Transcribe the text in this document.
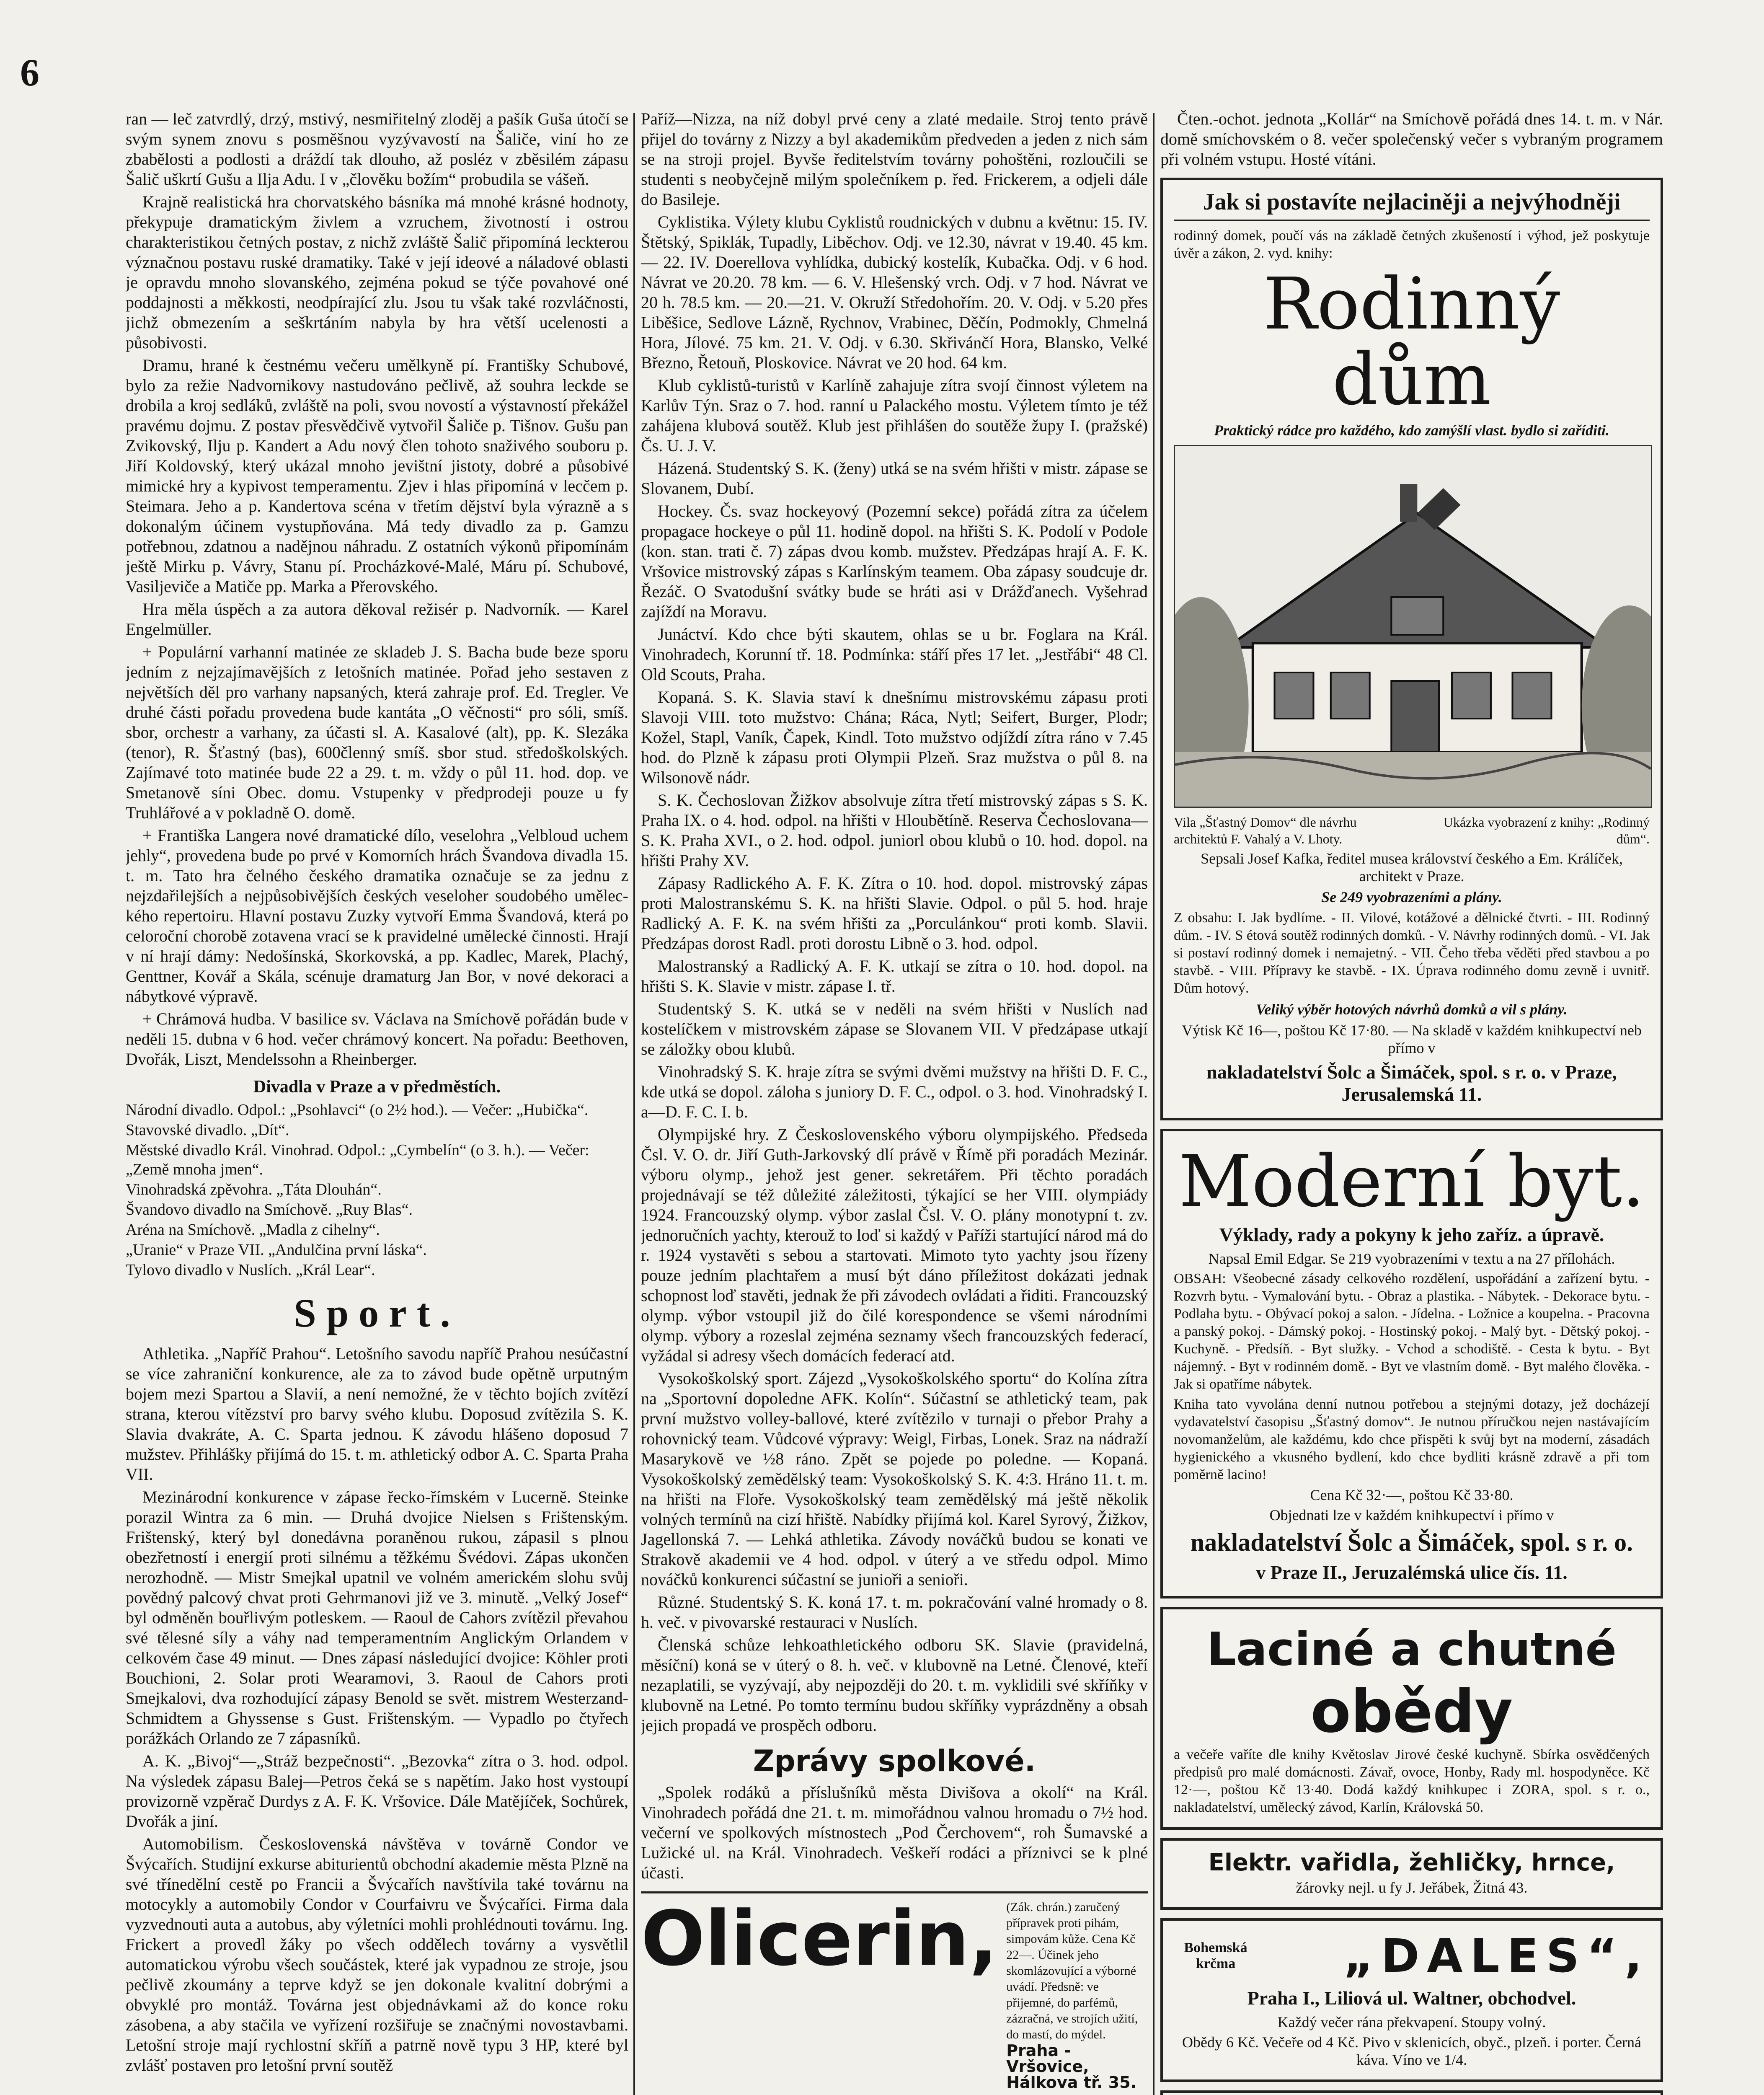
6

ran — leč zatvrdlý, drzý, mstivý, nesmiřitelný zloděj a pašík Guša útočí se svým synem znovu s posměšnou vyzývavostí na Šaliče, viní ho ze zbabělosti a podlosti a dráždí tak dlouho, až posléz v zběsilém zápasu Šalič uškrtí Gušu a Ilja Adu. I v „člověku božím“ probudila se vášeň.

Krajně realistická hra chorvatského básníka má mnohé krásné hodnoty, překypuje dramatickým živlem a vzruchem, životností i ostrou charakteristikou četných postav, z nichž zvláště Šalič připomíná leckterou význačnou postavu ruské dramatiky. Také v její ideové a náladové oblasti je opravdu mnoho slovanského, zejména pokud se týče povahové oné poddajnosti a měkkosti, neodpírající zlu. Jsou tu však také rozvláčnosti, jichž obmezením a seškrtáním nabyla by hra větší ucelenosti a působivosti.

Dramu, hrané k čestnému večeru umělkyně pí. Františky Schubové, bylo za režie Nadvornikovy nastudováno pečlivě, až souhra leckde se drobila a kroj sedláků, zvláště na poli, svou novostí a výstavností překážel pravému dojmu. Z postav přesvědčivě vytvořil Šaliče p. Tišnov. Gušu pan Zvikovský, Ilju p. Kandert a Adu nový člen tohoto snaživého souboru p. Jiří Koldovský, který ukázal mnoho jevištní jistoty, dobré a působivé mimické hry a kypivost temperamentu. Zjev i hlas připomíná v lecčem p. Steimara. Jeho a p. Kandertova scéna v třetím dějství byla výrazně a s dokonalým účinem vystupňována. Má tedy divadlo za p. Gamzu potřebnou, zdatnou a nadějnou náhradu. Z ostatních výkonů připomínám ještě Mirku p. Vávry, Stanu pí. Procházkové-Malé, Máru pí. Schubové, Vasiljeviče a Matiče pp. Marka a Přerovského.

Hra měla úspěch a za autora děkoval režisér p. Nadvorník. — Karel Engelmüller.

+ Populární varhanní matinée ze skladeb J. S. Bacha bude beze sporu jedním z nejzajímavějších z letošních matinée. Pořad jeho sestaven z největších děl pro varhany napsaných, která zahraje prof. Ed. Tregler. Ve druhé části pořadu provedena bude kantáta „O věčnosti“ pro sóli, smíš. sbor, orchestr a varhany, za účasti sl. A. Kasalové (alt), pp. K. Slezáka (tenor), R. Šťastný (bas), 600členný smíš. sbor stud. středoškolských. Zajímavé toto matinée bude 22 a 29. t. m. vždy o půl 11. hod. dop. ve Smetanově síni Obec. domu. Vstupenky v předprodeji pouze u fy Truhlářové a v pokladně O. domě.

+ Františka Langera nové dramatické dílo, veselohra „Velbloud uchem jehly“, provedena bude po prvé v Komorních hrách Švandova divadla 15. t. m. Tato hra čelného českého dramatika označuje se za jednu z nejzdařilejších a nejpůsobivějších českých veseloher soudobého uměleckého repertoiru. Hlavní postavu Zuzky vytvoří Emma Švandová, která po celoroční chorobě zotavena vrací se k pravidelné umělecké činnosti. Hrají v ní hrají dámy: Nedošínská, Skorkovská, a pp. Kadlec, Marek, Plachý, Genttner, Kovář a Skála, scénuje dramaturg Jan Bor, v nové dekoraci a nábytkové výpravě.

+ Chrámová hudba. V basilice sv. Václava na Smíchově pořádán bude v neděli 15. dubna v 6 hod. večer chrámový koncert. Na pořadu: Beethoven, Dvořák, Liszt, Mendelssohn a Rheinberger.

Divadla v Praze a v předměstích.

Národní divadlo. Odpol.: „Psohlavci“ (o 2½ hod.). — Večer: „Hubička“.

Stavovské divadlo. „Dít“.

Městské divadlo Král. Vinohrad. Odpol.: „Cymbelín“ (o 3. h.). — Večer: „Země mnoha jmen“.

Vinohradská zpěvohra. „Táta Dlouhán“.

Švandovo divadlo na Smíchově. „Ruy Blas“.

Aréna na Smíchově. „Madla z cihelny“.

„Uranie“ v Praze VII. „Andulčina první láska“.

Tylovo divadlo v Nuslích. „Král Lear“.

Sport.

Athletika. „Napříč Prahou“. Letošního savodu napříč Prahou nesúčastní se více zahraniční konkurence, ale za to závod bude opětně urputným bojem mezi Spartou a Slavií, a není nemožné, že v těchto bojích zvítězí strana, kterou vítězství pro barvy svého klubu. Doposud zvítězila S. K. Slavia dvakráte, A. C. Sparta jednou. K závodu hlášeno doposud 7 mužstev. Přihlášky přijímá do 15. t. m. athletický odbor A. C. Sparta Praha VII.

Mezinárodní konkurence v zápase řecko-římském v Lucerně. Steinke porazil Wintra za 6 min. — Druhá dvojice Nielsen s Frištenským. Frištenský, který byl donedávna poraněnou rukou, zápasil s plnou obezřetností i energií proti silnému a těžkému Švédovi. Zápas ukončen nerozhodně. — Mistr Smejkal upatnil ve volném americkém slohu svůj povědný palcový chvat proti Gehrmanovi již ve 3. minutě. „Velký Josef“ byl odměněn bouřlivým potleskem. — Raoul de Cahors zvítězil převahou své tělesné síly a váhy nad temperamentním Anglickým Orlandem v celkovém čase 49 minut. — Dnes zápasí následující dvojice: Köhler proti Bouchioni, 2. Solar proti Wearamovi, 3. Raoul de Cahors proti Smejkalovi, dva rozhodující zápasy Benold se svět. mistrem Westerzand-Schmidtem a Ghyssense s Gust. Frištenským. — Vypadlo po čtyřech porážkách Orlando ze 7 zápasníků.

A. K. „Bivoj“—„Stráž bezpečnosti“. „Bezovka“ zítra o 3. hod. odpol. Na výsledek zápasu Balej—Petros čeká se s napětím. Jako host vystoupí provizorně vzpěrač Durdys z A. F. K. Vršovice. Dále Matějíček, Sochůrek, Dvořák a jiní.

Automobilism. Československá návštěva v továrně Condor ve Švýcařích. Studijní exkurse abiturientů obchodní akademie města Plzně na své třínedělní cestě po Francii a Švýcařích navštívila také továrnu na motocykly a automobily Condor v Courfaivru ve Švýcaříci. Firma dala vyzvednouti auta a autobus, aby výletníci mohli prohlédnouti továrnu. Ing. Frickert a provedl žáky po všech oddělech továrny a vysvětlil automatickou výrobu všech součástek, které jak vypadnou ze stroje, jsou pečlivě zkoumány a teprve když se jen dokonale kvalitní dobrými a obvyklé pro montáž. Továrna jest objednávkami až do konce roku zásobena, a aby stačila ve vyřízení rozšiřuje se značnými novostavbami. Letošní stroje mají rychlostní skříň a patrně nově typu 3 HP, které byl zvlášť postaven pro letošní první soutěž

Paříž—Nizza, na níž dobyl prvé ceny a zlaté medaile. Stroj tento právě přijel do továrny z Nizzy a byl akademikům předveden a jeden z nich sám se na stroji projel. Byvše ředitelstvím továrny pohoštěni, rozloučili se studenti s neobyčejně milým společníkem p. řed. Frickerem, a odjeli dále do Basileje.

Cyklistika. Výlety klubu Cyklistů roudnických v dubnu a květnu: 15. IV. Štětský, Spiklák, Tupadly, Liběchov. Odj. ve 12.30, návrat v 19.40. 45 km. — 22. IV. Doerellova vyhlídka, dubický kostelík, Kubačka. Odj. v 6 hod. Návrat ve 20.20. 78 km. — 6. V. Hlešenský vrch. Odj. v 7 hod. Návrat ve 20 h. 78.5 km. — 20.—21. V. Okruží Středohořím. 20. V. Odj. v 5.20 přes Liběšice, Sedlove Lázně, Rychnov, Vrabinec, Děčín, Podmokly, Chmelná Hora, Jílové. 75 km. 21. V. Odj. v 6.30. Skřivánčí Hora, Blansko, Velké Březno, Řetouň, Ploskovice. Návrat ve 20 hod. 64 km.

Klub cyklistů-turistů v Karlíně zahajuje zítra svojí činnost výletem na Karlův Týn. Sraz o 7. hod. ranní u Palackého mostu. Výletem tímto je též zahájena klubová soutěž. Klub jest přihlášen do soutěže župy I. (pražské) Čs. U. J. V.

Házená. Studentský S. K. (ženy) utká se na svém hřišti v mistr. zápase se Slovanem, Dubí.

Hockey. Čs. svaz hockeyový (Pozemní sekce) pořádá zítra za účelem propagace hockeye o půl 11. hodině dopol. na hřišti S. K. Podolí v Podole (kon. stan. trati č. 7) zápas dvou komb. mužstev. Předzápas hrají A. F. K. Vršovice mistrovský zápas s Karlínským teamem. Oba zápasy soudcuje dr. Řezáč. O Svatodušní svátky bude se hráti asi v Drážďanech. Vyšehrad zajíždí na Moravu.

Junáctví. Kdo chce býti skautem, ohlas se u br. Foglara na Král. Vinohradech, Korunní tř. 18. Podmínka: stáří přes 17 let. „Jestřábi“ 48 Cl. Old Scouts, Praha.

Kopaná. S. K. Slavia staví k dnešnímu mistrovskému zápasu proti Slavoji VIII. toto mužstvo: Chána; Ráca, Nytl; Seifert, Burger, Plodr; Kožel, Stapl, Vaník, Čapek, Kindl. Toto mužstvo odjíždí zítra ráno v 7.45 hod. do Plzně k zápasu proti Olympii Plzeň. Sraz mužstva o půl 8. na Wilsonově nádr.

S. K. Čechoslovan Žižkov absolvuje zítra třetí mistrovský zápas s S. K. Praha IX. o 4. hod. odpol. na hřišti v Hloubětíně. Reserva Čechoslovana—S. K. Praha XVI., o 2. hod. odpol. juniorl obou klubů o 10. hod. dopol. na hřišti Prahy XV.

Zápasy Radlického A. F. K. Zítra o 10. hod. dopol. mistrovský zápas proti Malostranskému S. K. na hřišti Slavie. Odpol. o půl 5. hod. hraje Radlický A. F. K. na svém hřišti za „Porculánkou“ proti komb. Slavii. Předzápas dorost Radl. proti dorostu Libně o 3. hod. odpol.

Malostranský a Radlický A. F. K. utkají se zítra o 10. hod. dopol. na hřišti S. K. Slavie v mistr. zápase I. tř.

Studentský S. K. utká se v neděli na svém hřišti v Nuslích nad kostelíčkem v mistrovském zápase se Slovanem VII. V předzápase utkají se záložky obou klubů.

Vinohradský S. K. hraje zítra se svými dvěmi mužstvy na hřišti D. F. C., kde utká se dopol. záloha s juniory D. F. C., odpol. o 3. hod. Vinohradský I. a—D. F. C. I. b.

Olympijské hry. Z Československého výboru olympijského. Předseda Čsl. V. O. dr. Jiří Guth-Jarkovský dlí právě v Římě při poradách Mezinár. výboru olymp., jehož jest gener. sekretářem. Při těchto poradách projednávají se též důležité záležitosti, týkající se her VIII. olympiády 1924. Francouzský olymp. výbor zaslal Čsl. V. O. plány monotypní t. zv. jednoručních yachty, kterouž to loď si každý v Paříži startující národ má do r. 1924 vystavěti s sebou a startovati. Mimoto tyto yachty jsou řízeny pouze jedním plachtařem a musí být dáno příležitost dokázati jednak schopnost loď stavěti, jednak že při závodech ovládati a řiditi. Francouzský olymp. výbor vstoupil již do čilé korespondence se všemi národními olymp. výbory a rozeslal zejména seznamy všech francouzských federací, vyžádal si adresy všech domácích federací atd.

Vysokoškolský sport. Zájezd „Vysokoškolského sportu“ do Kolína zítra na „Sportovní dopoledne AFK. Kolín“. Súčastní se athletický team, pak první mužstvo volley-ballové, které zvítězilo v turnaji o přebor Prahy a rohovnický team. Vůdcové výpravy: Weigl, Firbas, Lonek. Sraz na nádraží Masarykově ve ½8 ráno. Zpět se pojede po poledne. — Kopaná. Vysokoškolský zemědělský team: Vysokoškolský S. K. 4:3. Hráno 11. t. m. na hřišti na Floře. Vysokoškolský team zemědělský má ještě několik volných termínů na cizí hřiště. Nabídky přijímá kol. Karel Syrový, Žižkov, Jagellonská 7. — Lehká athletika. Závody nováčků budou se konati ve Strakově akademii ve 4 hod. odpol. v úterý a ve středu odpol. Mimo nováčků konkurenci súčastní se junioři a senioři.

Různé. Studentský S. K. koná 17. t. m. pokračování valné hromady o 8. h. več. v pivovarské restauraci v Nuslích.

Členská schůze lehkoathletického odboru SK. Slavie (pravidelná, měsíční) koná se v úterý o 8. h. več. v klubovně na Letné. Členové, kteří nezaplatili, se vyzývají, aby nejpozději do 20. t. m. vyklidili své skříňky v klubovně na Letné. Po tomto termínu budou skříňky vyprázdněny a obsah jejich propadá ve prospěch odboru.

Zprávy spolkové.

„Spolek rodáků a příslušníků města Divišova a okolí“ na Král. Vinohradech pořádá dne 21. t. m. mimořádnou valnou hromadu o 7½ hod. večerní ve spolkových místnostech „Pod Čerchovem“, roh Šumavské a Lužické ul. na Král. Vinohradech. Veškeří rodáci a příznivci se k plné účasti.

Olicerin, (Zák. chrán.) zaručený přípravek proti pihám, simpovám kůže. Cena Kč 22—. Účinek jeho skomlázovující a výborné uvádí. Předsně: ve přijemné, do parfémů, zázračná, ve strojích užití, do mastí, do mýdel.
Praha - Vršovice, Hálkova tř. 35.

Čten.-ochot. jednota „Kollár“ na Smíchově pořádá dnes 14. t. m. v Nár. domě smíchovském o 8. večer společenský večer s vybraným programem při volném vstupu. Hosté vítáni.

Jak si postavíte nejlaciněji a nejvýhodněji
rodinný domek, poučí vás na základě četných zkušeností i výhod, jež poskytuje úvěr a zákon, 2. vyd. knihy:
Rodinný dům
Praktický rádce pro každého, kdo zamýšlí vlast. bydlo si zaříditi.
Vila „Šťastný Domov“ dle návrhu architektů F. Vahalý a V. Lhoty.
Ukázka vyobrazení z knihy: „Rodinný dům“.
Sepsali Josef Kafka, ředitel musea království českého a Em. Králíček, architekt v Praze.
Se 249 vyobrazeními a plány.
Z obsahu: I. Jak bydlíme. - II. Vilové, kotážové a dělnické čtvrti. - III. Rodinný dům. - IV. S étová soutěž rodinných domků. - V. Návrhy rodinných domů. - VI. Jak si postaví rodinný domek i nemajetný. - VII. Čeho třeba věděti před stavbou a po stavbě. - VIII. Přípravy ke stavbě. - IX. Úprava rodinného domu zevně i uvnitř. Dům hotový.
Veliký výběr hotových návrhů domků a vil s plány.
Výtisk Kč 16—, poštou Kč 17·80. — Na skladě v každém knihkupectví neb přímo v
nakladatelství Šolc a Šimáček, spol. s r. o. v Praze, Jerusalemská 11.
Moderní byt.
Výklady, rady a pokyny k jeho zaříz. a úpravě.
Napsal Emil Edgar. Se 219 vyobrazeními v textu a na 27 přílohách.
OBSAH: Všeobecné zásady celkového rozdělení, uspořádání a zařízení bytu. - Rozvrh bytu. - Vymalování bytu. - Obraz a plastika. - Nábytek. - Dekorace bytu. - Podlaha bytu. - Obývací pokoj a salon. - Jídelna. - Ložnice a koupelna. - Pracovna a panský pokoj. - Dámský pokoj. - Hostinský pokoj. - Malý byt. - Dětský pokoj. - Kuchyně. - Předsíň. - Byt služky. - Vchod a schodiště. - Cesta k bytu. - Byt nájemný. - Byt v rodinném domě. - Byt ve vlastním domě. - Byt malého člověka. - Jak si opatříme nábytek.
Kniha tato vyvolána denní nutnou potřebou a stejnými dotazy, jež docházejí vydavatelství časopisu „Šťastný domov“. Je nutnou příručkou nejen nastávajícím novomanželům, ale každému, kdo chce přispěti k svůj byt na moderní, zásadách hygienického a vkusného bydlení, kdo chce bydliti krásně zdravě a při tom poměrně lacino!
Cena Kč 32·—, poštou Kč 33·80.
Objednati lze v každém knihkupectví i přímo v
nakladatelství Šolc a Šimáček, spol. s r. o.
v Praze II., Jeruzalémská ulice čís. 11.
Laciné a chutné
obědy
a večeře vaříte dle knihy Květoslav Jirové české kuchyně. Sbírka osvědčených předpisů pro malé domácnosti. Závař, ovoce, Honby, Rady ml. hospodyněce. Kč 12·—, poštou Kč 13·40. Dodá každý knihkupec i ZORA, spol. s r. o., nakladatelství, umělecký závod, Karlín, Královská 50.
Elektr. vařidla, žehličky, hrnce,
žárovky nejl. u fy J. Jeřábek, Žitná 43.
Bohemská krčma	„DALES“,
Praha I., Liliová ul. Waltner, obchodvel.
Každý večer rána překvapení. Stoupy volný.
Obědy 6 Kč. Večeře od 4 Kč. Pivo v sklenicích, obyč., plzeň. i porter. Černá káva. Víno ve 1/4.
